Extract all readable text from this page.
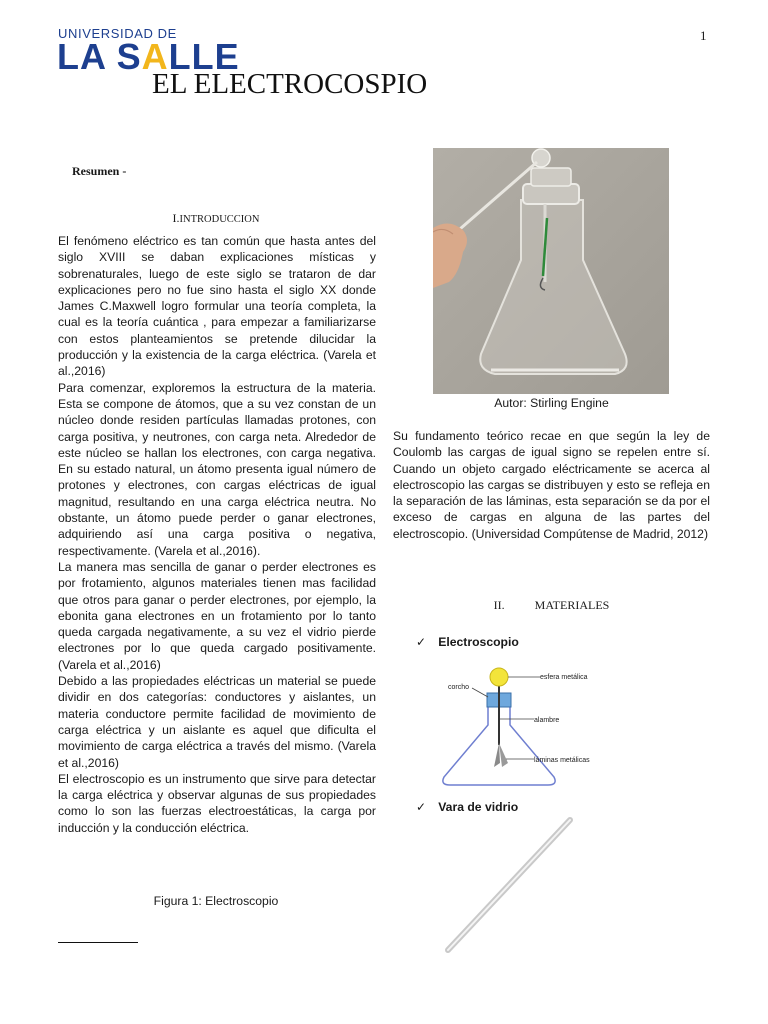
UNIVERSIDAD DE
LA SALLE
1
EL ELECTROCOSPIO
Resumen -
I.INTRODUCCION

El fenómeno eléctrico es tan común que hasta antes del siglo XVIII se daban explicaciones místicas y sobrenaturales, luego de este siglo se trataron de dar explicaciones pero no fue sino hasta el siglo XX donde James C.Maxwell logro formular una teoría completa, la cual es la teoría cuántica , para empezar a familiarizarse con estos planteamientos se pretende dilucidar la producción y la existencia de la carga eléctrica. (Varela et al.,2016)

Para comenzar, exploremos la estructura de la materia. Esta se compone de átomos, que a su vez constan de un núcleo donde residen partículas llamadas protones, con carga positiva, y neutrones, con carga neta. Alrededor de este núcleo se hallan los electrones, con carga negativa. En su estado natural, un átomo presenta igual número de protones y electrones, con cargas eléctricas de igual magnitud, resultando en una carga eléctrica neutra. No obstante, un átomo puede perder o ganar electrones, adquiriendo así una carga positiva o negativa, respectivamente. (Varela et al.,2016).

La manera mas sencilla de ganar o perder electrones es por frotamiento, algunos materiales tienen mas facilidad que otros para ganar o perder electrones, por ejemplo, la ebonita gana electrones en un frotamiento por lo tanto queda cargada negativamente, a su vez el vidrio pierde electrones por lo que queda cargado positivamente. (Varela et al.,2016)

Debido a las propiedades eléctricas un material se puede dividir en dos categorías: conductores y aislantes, un materia conductore permite facilidad de movimiento de carga eléctrica y un aislante es aquel que dificulta el movimiento de carga eléctrica a través del mismo. (Varela et al.,2016)

El electroscopio es un instrumento que sirve para detectar la carga eléctrica y observar algunas de sus propiedades como lo son las fuerzas electroestáticas, la carga por inducción y la conducción eléctrica.

Figura 1: Electroscopio
Autor: Stirling Engine
Su fundamento teórico recae en que según la ley de Coulomb las cargas de igual signo se repelen entre sí. Cuando un objeto cargado eléctricamente se acerca al electroscopio las cargas se distribuyen y esto se refleja en la separación de las láminas, esta separación se da por el exceso de cargas en alguna de las partes del electroscopio. (Universidad Compútense de Madrid, 2012)
II.	MATERIALES
✓ Electroscopio
esfera metálica
corcho
alambre
láminas metálicas
✓ Vara de vidrio
